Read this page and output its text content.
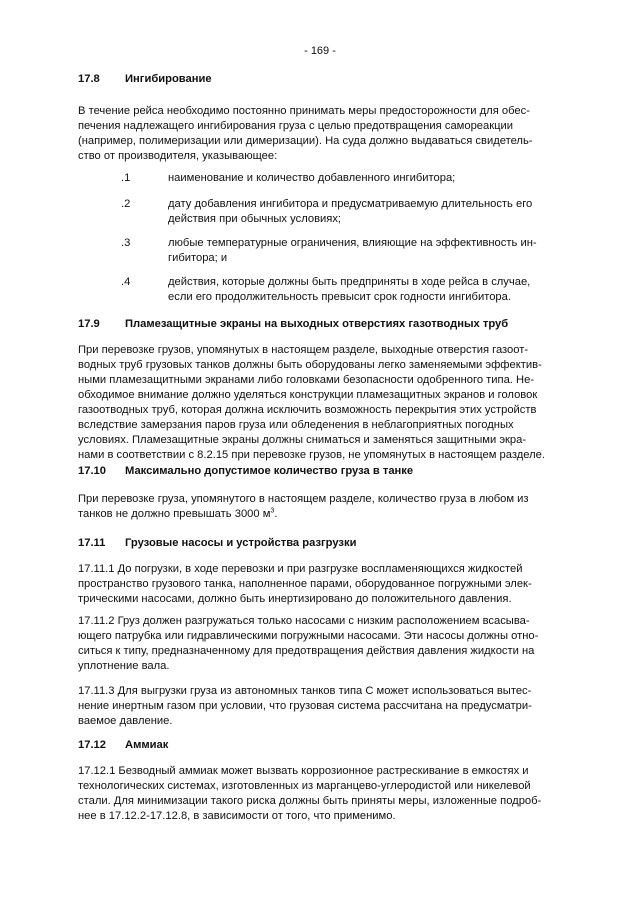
- 169 -
17.8 Ингибирование
В течение рейса необходимо постоянно принимать меры предосторожности для обес-
печения надлежащего ингибирования груза с целью предотвращения самореакции
(например, полимеризации или димеризации). На суда должно выдаваться свидетель-
ство от производителя, указывающее:
.1	наименование и количество добавленного ингибитора;
.2	дату добавления ингибитора и предусматриваемую длительность его
действия при обычных условиях;
.3	любые температурные ограничения, влияющие на эффективность ин-
гибитора; и
.4	действия, которые должны быть предприняты в ходе рейса в случае,
если его продолжительность превысит срок годности ингибитора.
17.9 Пламезащитные экраны на выходных отверстиях газотводных труб
При перевозке грузов, упомянутых в настоящем разделе, выходные отверстия газоот-
водных труб грузовых танков должны быть оборудованы легко заменяемыми эффектив-
ными пламезащитными экранами либо головками безопасности одобренного типа. Не-
обходимое внимание должно уделяться конструкции пламезащитных экранов и головок
газоотводных труб, которая должна исключить возможность перекрытия этих устройств
вследствие замерзания паров груза или обледенения в неблагоприятных погодных
условиях. Пламезащитные экраны должны сниматься и заменяться защитными экра-
нами в соответствии с 8.2.15 при перевозке грузов, не упомянутых в настоящем разделе.
17.10 Максимально допустимое количество груза в танке
При перевозке груза, упомянутого в настоящем разделе, количество груза в любом из
танков не должно превышать 3000 $м^3$.
17.11 Грузовые насосы и устройства разгрузки
17.11.1 До погрузки, в ходе перевозки и при разгрузке воспламеняющихся жидкостей
пространство грузового танка, наполненное парами, оборудованное погружными элек-
трическими насосами, должно быть инертизировано до положительного давления.
17.11.2 Груз должен разгружаться только насосами с низким расположением всасыва-
ющего патрубка или гидравлическими погружными насосами. Эти насосы должны отно-
ситься к типу, предназначенному для предотвращения действия давления жидкости на
уплотнение вала.
17.11.3 Для выгрузки груза из автономных танков типа С может использоваться вытес-
нение инертным газом при условии, что грузовая система рассчитана на предусматри-
ваемое давление.
17.12 Аммиак
17.12.1 Безводный аммиак может вызвать коррозионное растрескивание в емкостях и
технологических системах, изготовленных из марганцево-углеродистой или никелевой
стали. Для минимизации такого риска должны быть приняты меры, изложенные подроб-
нее в 17.12.2-17.12.8, в зависимости от того, что применимо.
